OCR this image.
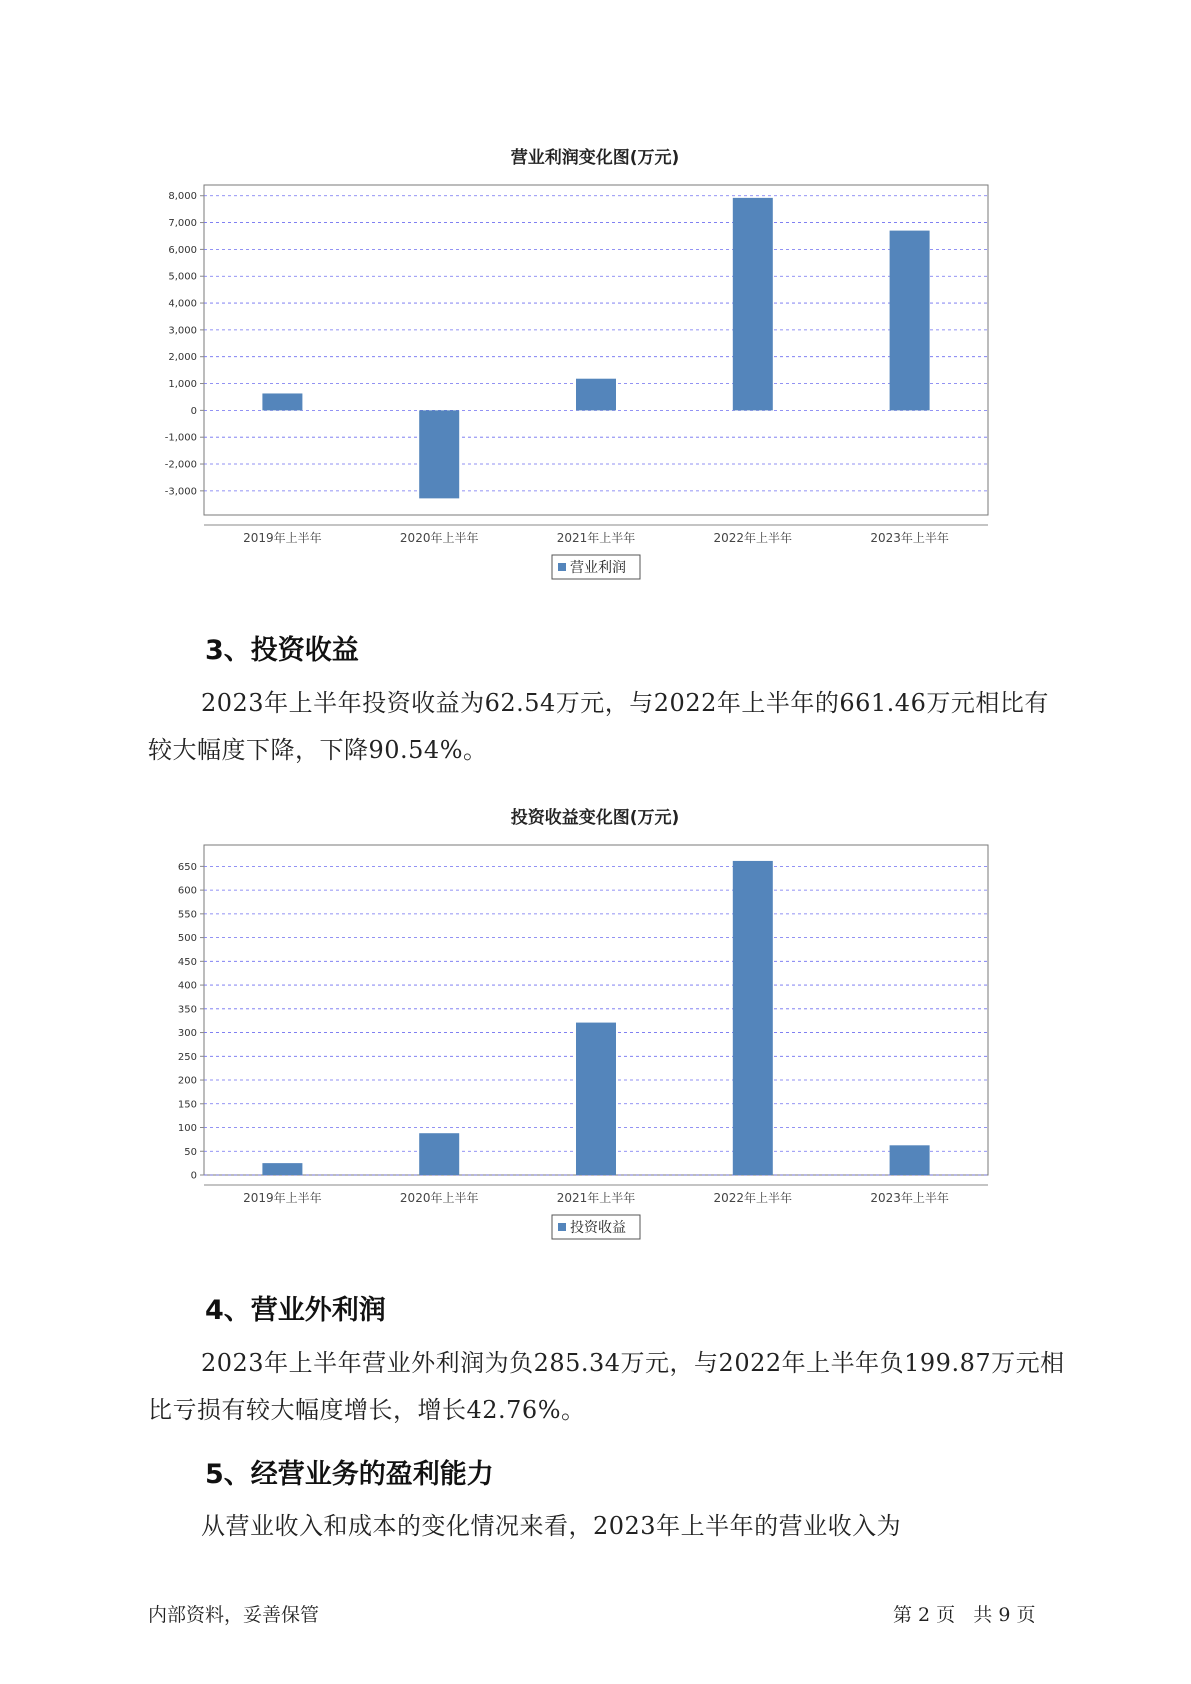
营业利润变化图(万元)
8,000
7,000
6,000
5,000
4,000
3,000
2,000
1,000
0
-1,000
-2,000
-3,000
2019年上半年	2020年上半年	2021年上半年	2022年上半年	2023年上半年
营业利润
3、投资收益

2023年上半年投资收益为62.54万元，与2022年上半年的661.46万元相比有较大幅度下降，下降90.54%。

投资收益变化图(万元)
650
600
550
500
450
400
350
300
250
200
150
100
50
0
2019年上半年	2020年上半年	2021年上半年	2022年上半年	2023年上半年
投资收益
4、营业外利润

2023年上半年营业外利润为负285.34万元，与2022年上半年负199.87万元相比亏损有较大幅度增长，增长42.76%。

5、经营业务的盈利能力

从营业收入和成本的变化情况来看，2023年上半年的营业收入为

内部资料，妥善保管	第 2 页   共 9 页
